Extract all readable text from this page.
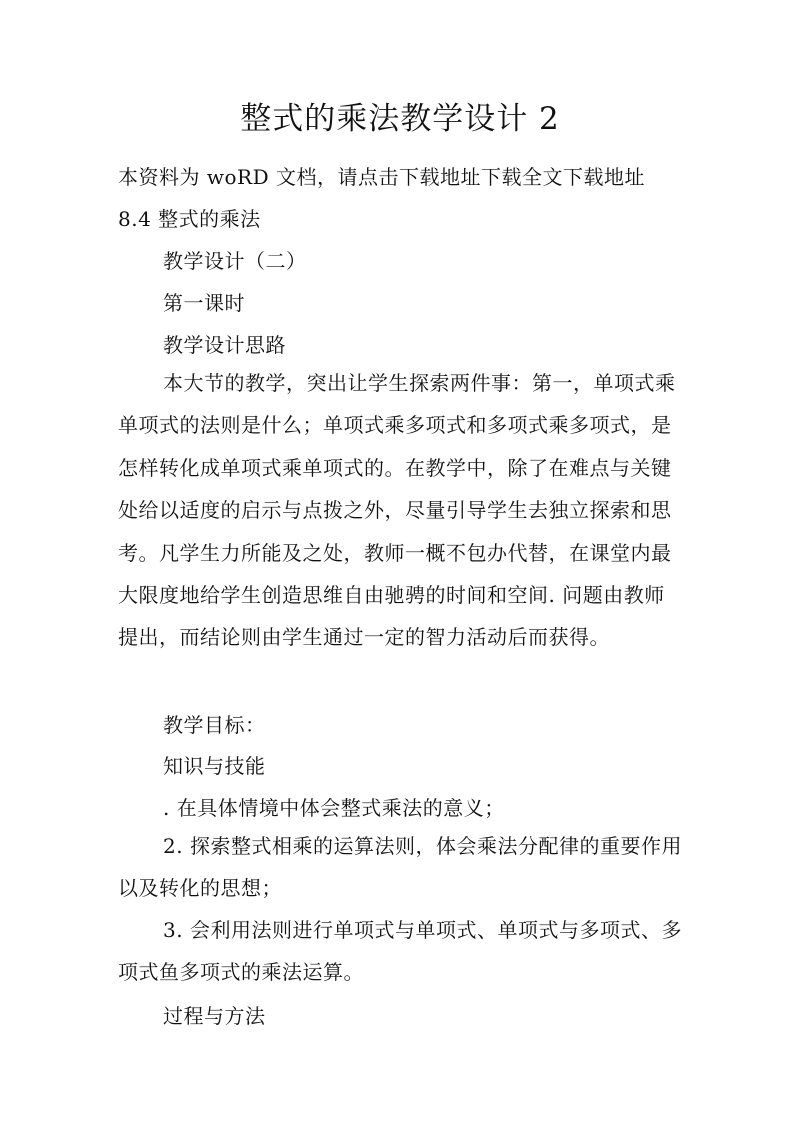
整式的乘法教学设计 2
本资料为 woRD 文档，请点击下载地址下载全文下载地址
8.4 整式的乘法
教学设计（二）
第一课时
教学设计思路
本大节的教学，突出让学生探索两件事：第一，单项式乘单项式的法则是什么；单项式乘多项式和多项式乘多项式，是怎样转化成单项式乘单项式的。在教学中，除了在难点与关键处给以适度的启示与点拨之外，尽量引导学生去独立探索和思考。凡学生力所能及之处，教师一概不包办代替，在课堂内最大限度地给学生创造思维自由驰骋的时间和空间. 问题由教师提出，而结论则由学生通过一定的智力活动后而获得。
教学目标：
知识与技能
. 在具体情境中体会整式乘法的意义；
2. 探索整式相乘的运算法则，体会乘法分配律的重要作用以及转化的思想；
3. 会利用法则进行单项式与单项式、单项式与多项式、多项式鱼多项式的乘法运算。
过程与方法
